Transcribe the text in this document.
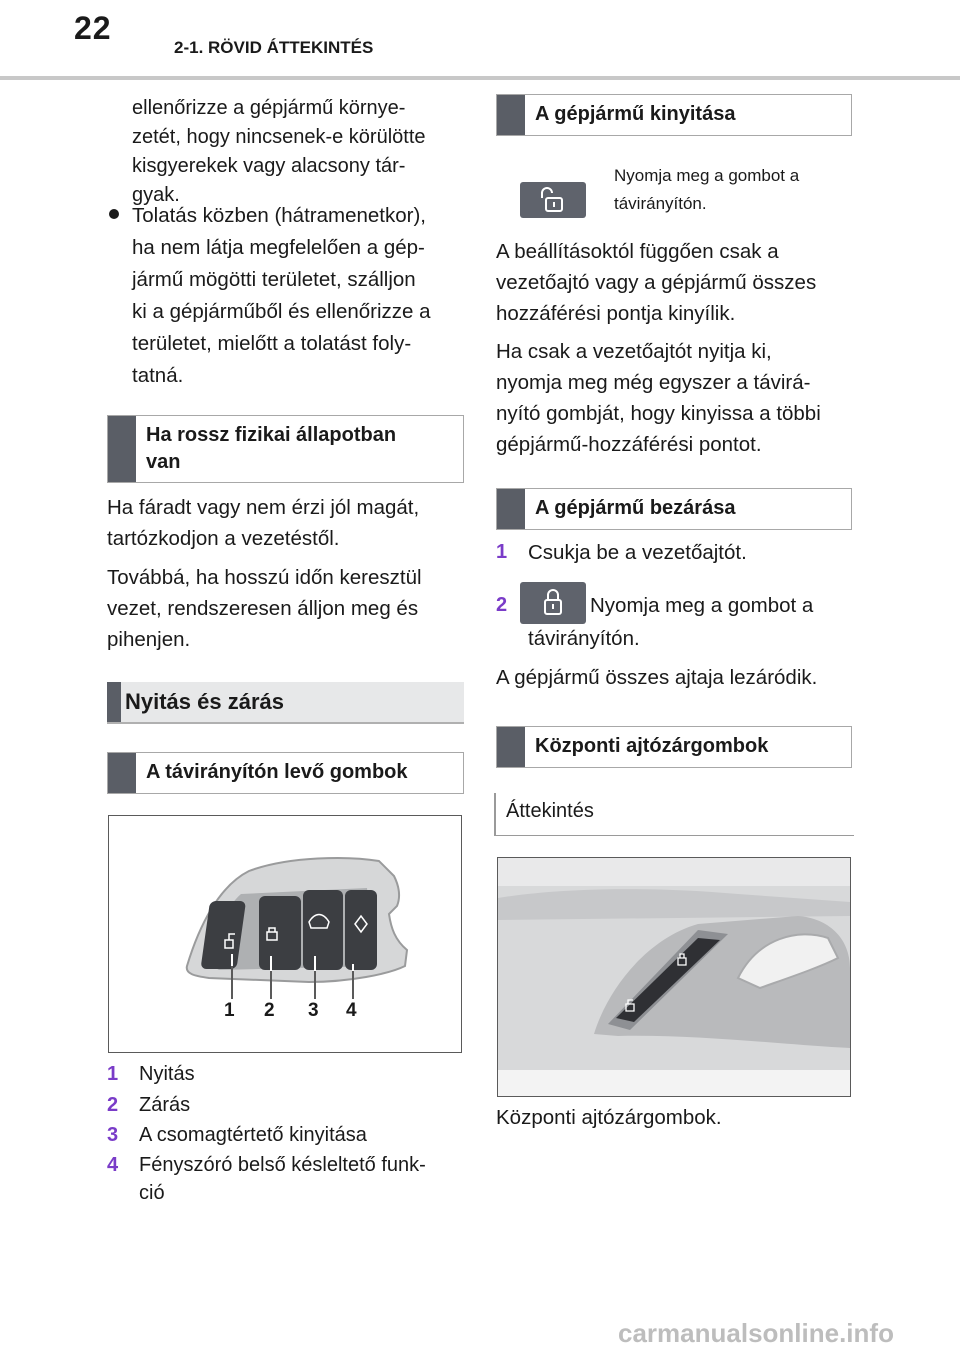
22
2-1. RÖVID ÁTTEKINTÉS
ellenőrizze a gépjármű környe-
zetét, hogy nincsenek-e körülötte
kisgyerekek vagy alacsony tár-
gyak.
Tolatás közben (hátramenetkor),
ha nem látja megfelelően a gép-
jármű mögötti területet, szálljon
ki a gépjárműből és ellenőrizze a
területet, mielőtt a tolatást foly-
tatná.
Ha rossz fizikai állapotban
van
Ha fáradt vagy nem érzi jól magát,
tartózkodjon a vezetéstől.
Továbbá, ha hosszú időn keresztül
vezet, rendszeresen álljon meg és
pihenjen.
Nyitás és zárás
A távirányítón levő gombok
1 2 3 4
1 Nyitás
2 Zárás
3 A csomagtértető kinyitása
4 Fényszóró belső késleltető funk-
ció
A gépjármű kinyitása
Nyomja meg a gombot a
távirányítón.
A beállításoktól függően csak a
vezetőajtó vagy a gépjármű összes
hozzáférési pontja kinyílik.
Ha csak a vezetőajtót nyitja ki,
nyomja meg még egyszer a távirá-
nyító gombját, hogy kinyissa a többi
gépjármű-hozzáférési pontot.
A gépjármű bezárása
1 Csukja be a vezetőajtót.
2	Nyomja meg a gombot a
távirányítón.
A gépjármű összes ajtaja lezáródik.
Központi ajtózárgombok
Áttekintés
Központi ajtózárgombok.
carmanualsonline.info
